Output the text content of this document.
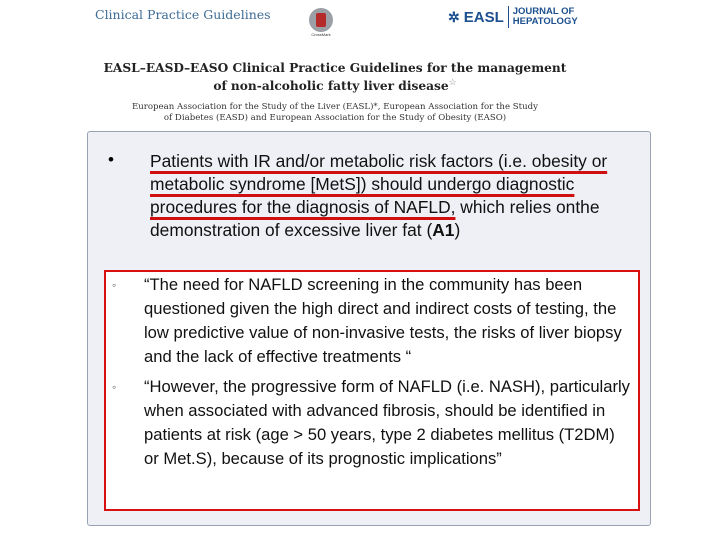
Clinical Practice Guidelines
CrossMark
✲ EASL JOURNAL OF
HEPATOLOGY
EASL–EASD–EASO Clinical Practice Guidelines for the management
of non-alcoholic fatty liver disease☆
European Association for the Study of the Liver (EASL)*, European Association for the Study
of Diabetes (EASD) and European Association for the Study of Obesity (EASO)
• Patients with IR and/or metabolic risk factors (i.e. obesity or metabolic syndrome [MetS]) should undergo diagnostic procedures for the diagnosis of NAFLD, which relies onthe demonstration of excessive liver fat (A1)
◦ “The need for NAFLD screening in the community has been questioned given the high direct and indirect costs of testing, the low predictive value of non-invasive tests, the risks of liver biopsy and the lack of effective treatments “
◦ “However, the progressive form of NAFLD (i.e. NASH), particularly when associated with advanced fibrosis, should be identified in patients at risk (age > 50 years, type 2 diabetes mellitus (T2DM) or Met.S), because of its prognostic implications”
